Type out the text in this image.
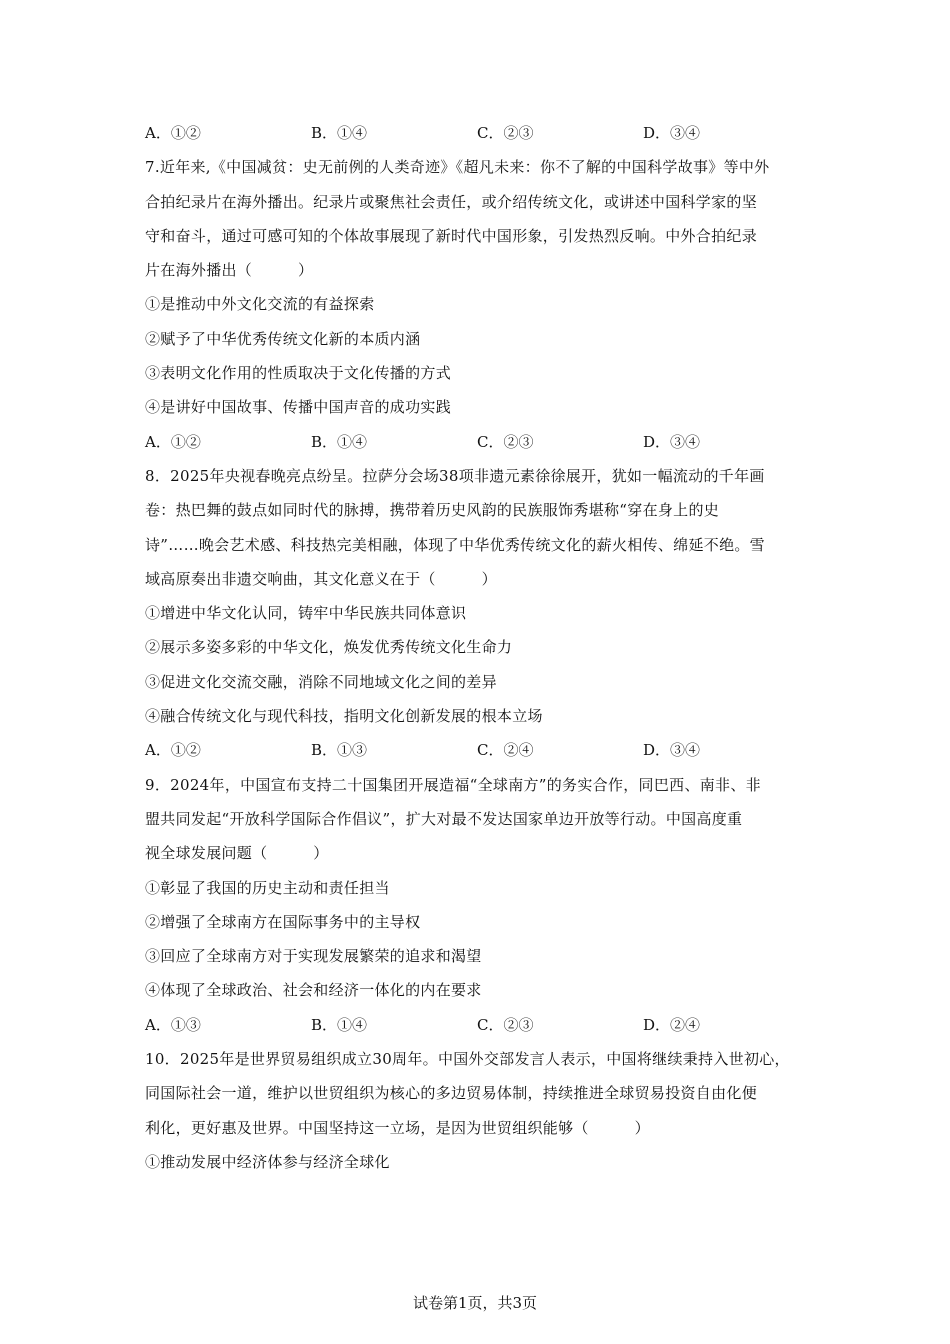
A．①②	B．①④	C．②③	D．③④
7.近年来,《中国减贫：史无前例的人类奇迹》《超凡未来：你不了解的中国科学故事》等中外
合拍纪录片在海外播出。纪录片或聚焦社会责任，或介绍传统文化，或讲述中国科学家的坚
守和奋斗，通过可感可知的个体故事展现了新时代中国形象，引发热烈反响。中外合拍纪录
片在海外播出（　　　）
①是推动中外文化交流的有益探索
②赋予了中华优秀传统文化新的本质内涵
③表明文化作用的性质取决于文化传播的方式
④是讲好中国故事、传播中国声音的成功实践
A．①②	B．①④	C．②③	D．③④
8．2025年央视春晚亮点纷呈。拉萨分会场38项非遗元素徐徐展开，犹如一幅流动的千年画
卷：热巴舞的鼓点如同时代的脉搏，携带着历史风韵的民族服饰秀堪称“穿在身上的史
诗”……晚会艺术感、科技热完美相融，体现了中华优秀传统文化的薪火相传、绵延不绝。雪
域高原奏出非遗交响曲，其文化意义在于（　　　）
①增进中华文化认同，铸牢中华民族共同体意识
②展示多姿多彩的中华文化，焕发优秀传统文化生命力
③促进文化交流交融，消除不同地域文化之间的差异
④融合传统文化与现代科技，指明文化创新发展的根本立场
A．①②	B．①③	C．②④	D．③④
9．2024年，中国宣布支持二十国集团开展造福“全球南方”的务实合作，同巴西、南非、非
盟共同发起“开放科学国际合作倡议”，扩大对最不发达国家单边开放等行动。中国高度重
视全球发展问题（　　　）
①彰显了我国的历史主动和责任担当
②增强了全球南方在国际事务中的主导权
③回应了全球南方对于实现发展繁荣的追求和渴望
④体现了全球政治、社会和经济一体化的内在要求
A．①③	B．①④	C．②③	D．②④
10．2025年是世界贸易组织成立30周年。中国外交部发言人表示，中国将继续秉持入世初心，
同国际社会一道，维护以世贸组织为核心的多边贸易体制，持续推进全球贸易投资自由化便
利化，更好惠及世界。中国坚持这一立场，是因为世贸组织能够（　　　）
①推动发展中经济体参与经济全球化
试卷第1页，共3页
